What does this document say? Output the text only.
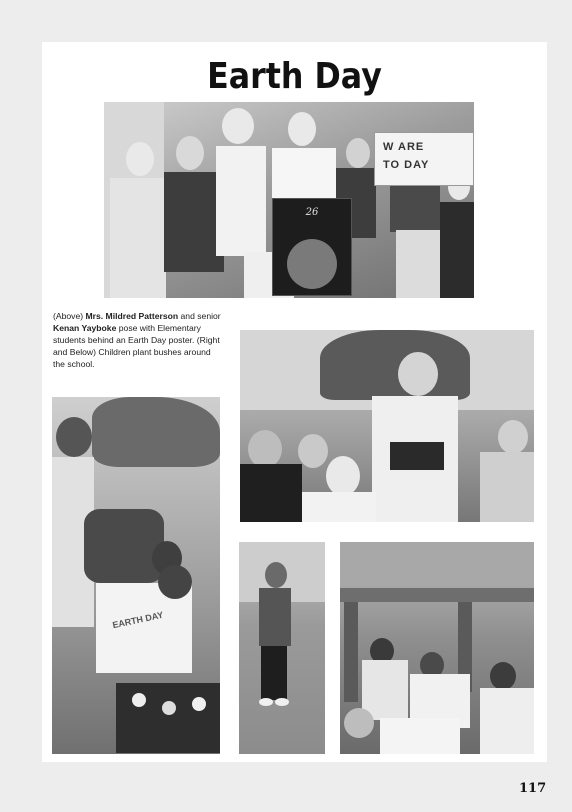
Earth Day
W ARE
TO DAY
26
(Above) Mrs. Mildred Patterson and senior Kenan Yayboke pose with Elementary students behind an Earth Day poster. (Right and Below) Children plant bushes around the school.
EARTH DAY
117
